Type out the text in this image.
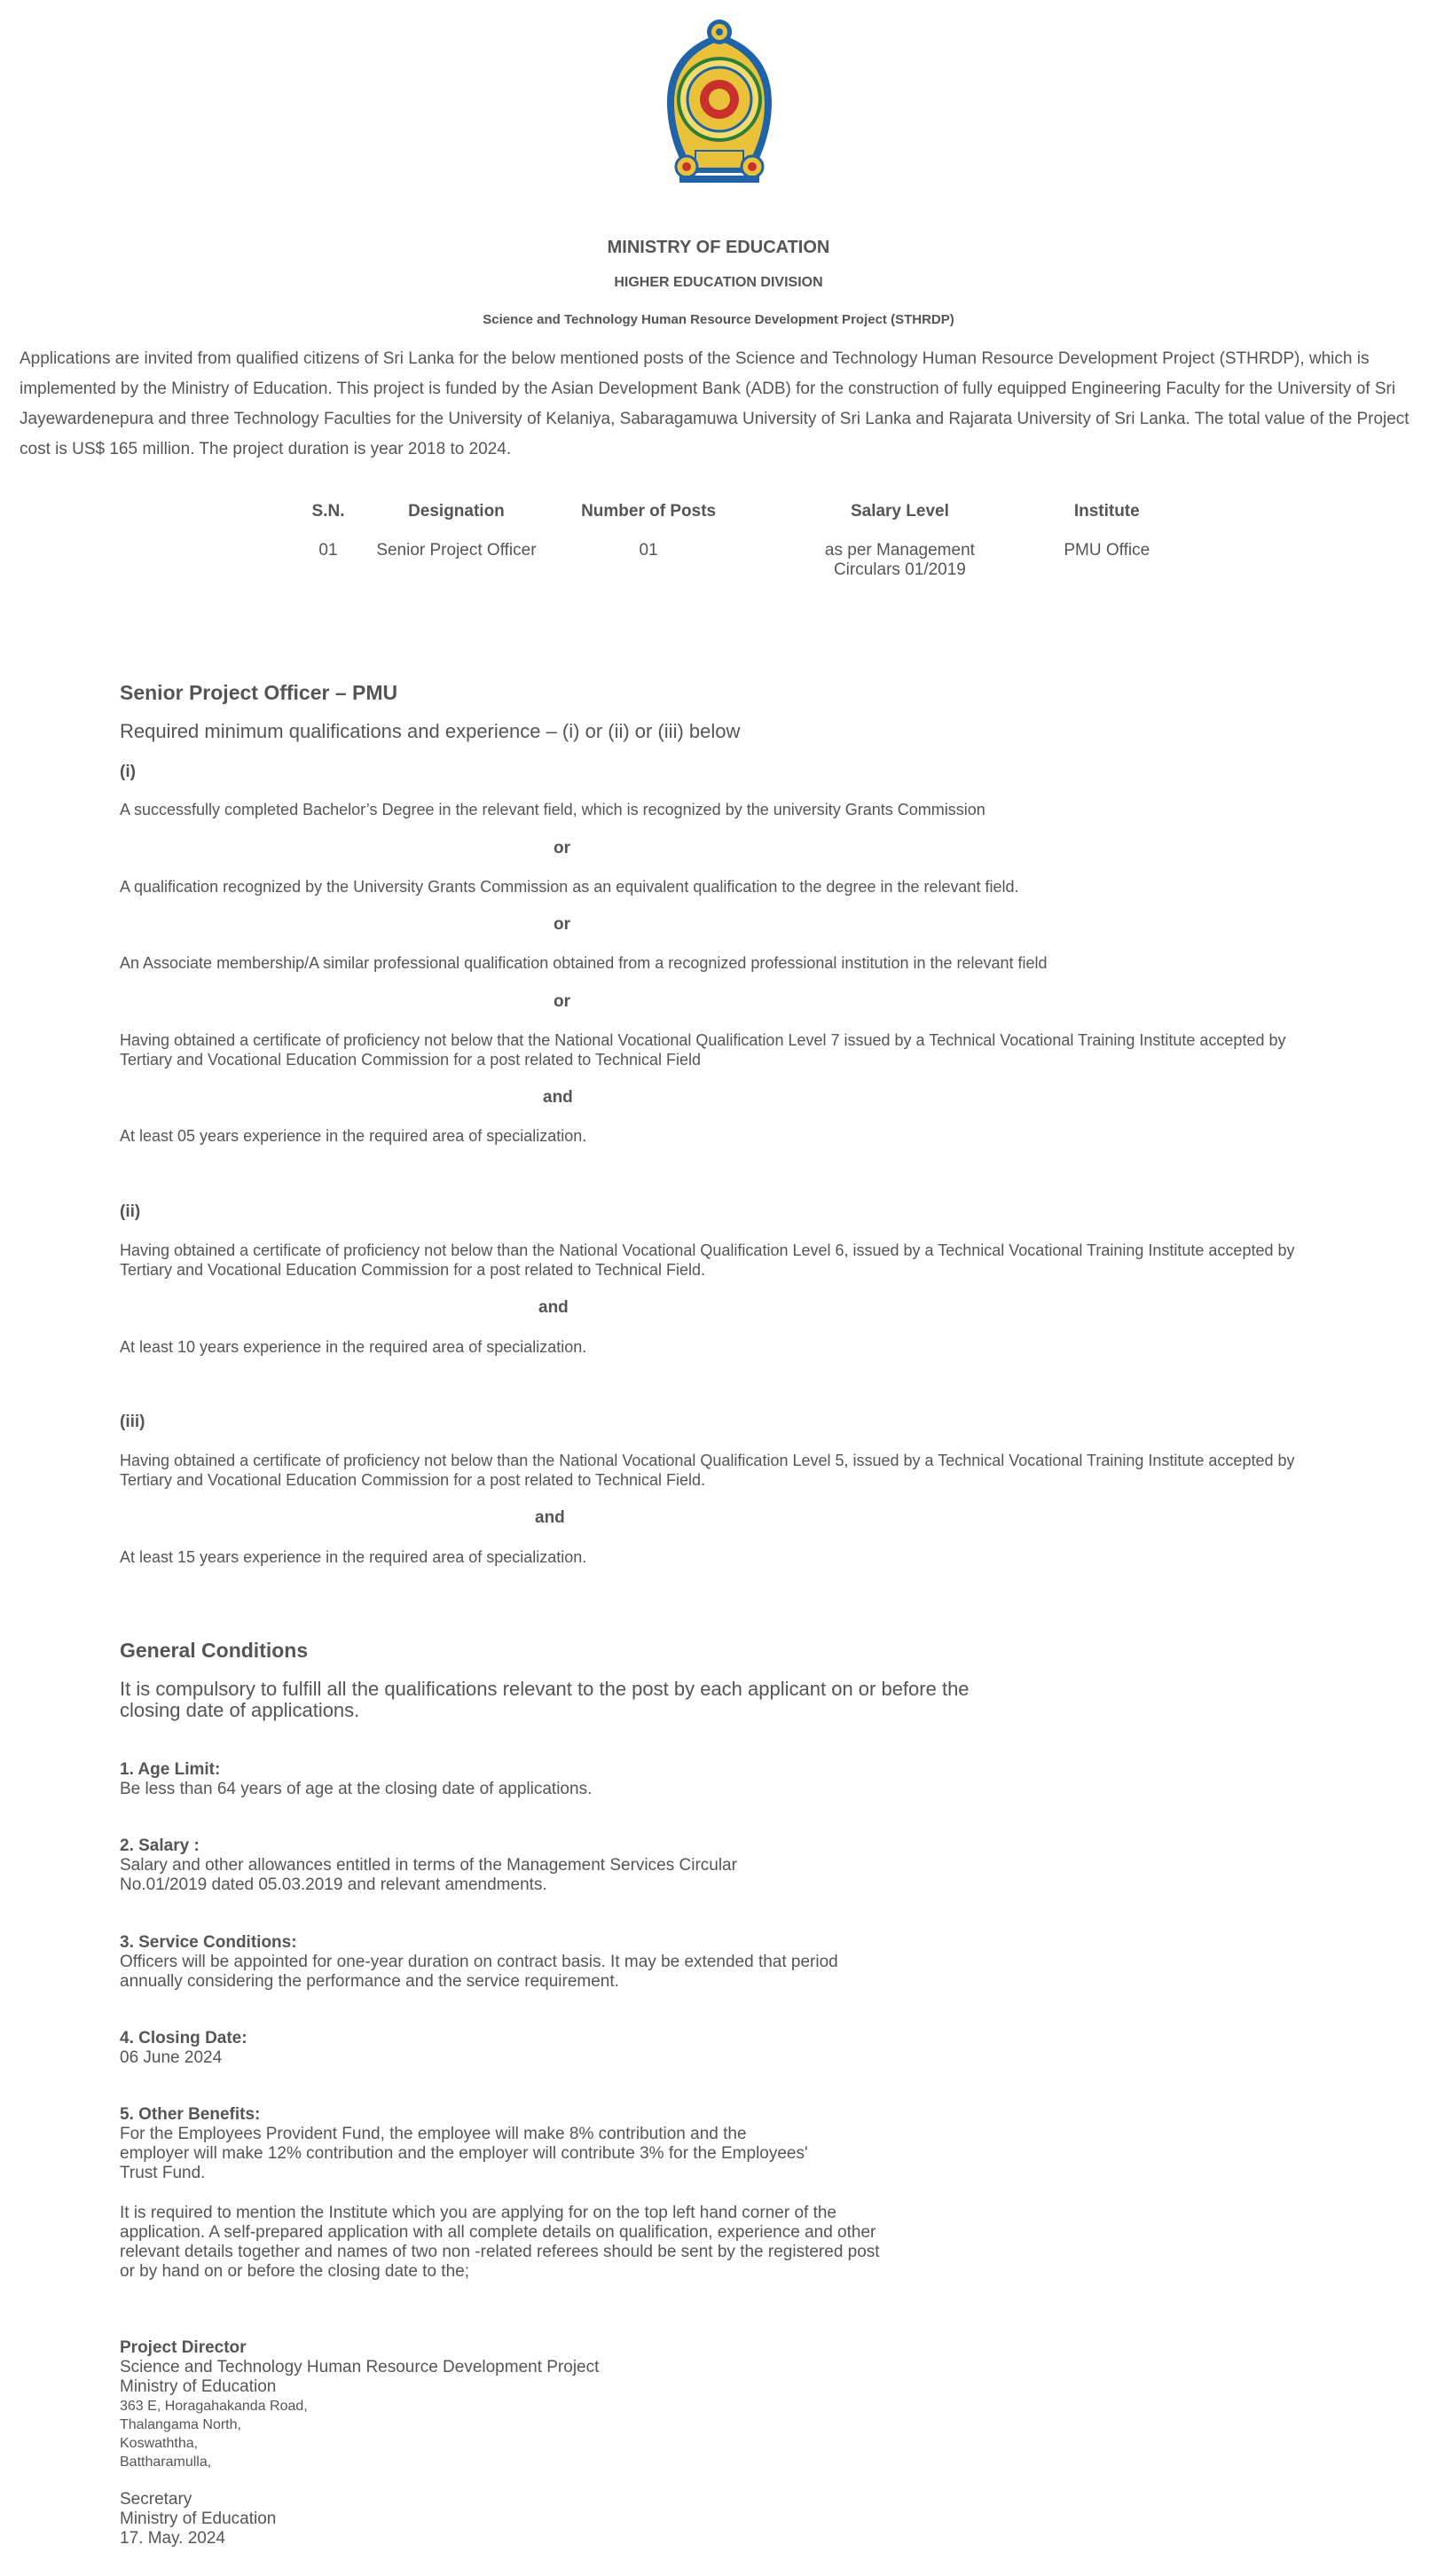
MINISTRY OF EDUCATION
HIGHER EDUCATION DIVISION
Science and Technology Human Resource Development Project (STHRDP)
Applications are invited from qualified citizens of Sri Lanka for the below mentioned posts of the Science and Technology Human Resource Development Project (STHRDP), which is implemented by the Ministry of Education. This project is funded by the Asian Development Bank (ADB) for the construction of fully equipped Engineering Faculty for the University of Sri Jayewardenepura and three Technology Faculties for the University of Kelaniya, Sabaragamuwa University of Sri Lanka and Rajarata University of Sri Lanka. The total value of the Project cost is US$ 165 million. The project duration is year 2018 to 2024.
S.N.	Designation	Number of Posts	Salary Level	Institute
01	Senior Project Officer	01	as per Management Circulars 01/2019	PMU Office
Senior Project Officer – PMU
Required minimum qualifications and experience – (i) or (ii) or (iii) below
(i)
A successfully completed Bachelor’s Degree in the relevant field, which is recognized by the university Grants Commission
or
A qualification recognized by the University Grants Commission as an equivalent qualification to the degree in the relevant field.
or
An Associate membership/A similar professional qualification obtained from a recognized professional institution in the relevant field
or
Having obtained a certificate of proficiency not below that the National Vocational Qualification Level 7 issued by a Technical Vocational Training Institute accepted by Tertiary and Vocational Education Commission for a post related to Technical Field
and
At least 05 years experience in the required area of specialization.
(ii)
Having obtained a certificate of proficiency not below than the National Vocational Qualification Level 6, issued by a Technical Vocational Training Institute accepted by Tertiary and Vocational Education Commission for a post related to Technical Field.
and
At least 10 years experience in the required area of specialization.
(iii)
Having obtained a certificate of proficiency not below than the National Vocational Qualification Level 5, issued by a Technical Vocational Training Institute accepted by Tertiary and Vocational Education Commission for a post related to Technical Field.
and
At least 15 years experience in the required area of specialization.
General Conditions
It is compulsory to fulfill all the qualifications relevant to the post by each applicant on or before the closing date of applications.
1. Age Limit:
Be less than 64 years of age at the closing date of applications.
2. Salary :
Salary and other allowances entitled in terms of the Management Services Circular No.01/2019 dated 05.03.2019 and relevant amendments.
3. Service Conditions:
Officers will be appointed for one-year duration on contract basis. It may be extended that period annually considering the performance and the service requirement.
4. Closing Date:
06 June 2024
5. Other Benefits:
For the Employees Provident Fund, the employee will make 8% contribution and the employer will make 12% contribution and the employer will contribute 3% for the Employees' Trust Fund.
It is required to mention the Institute which you are applying for on the top left hand corner of the application. A self-prepared application with all complete details on qualification, experience and other relevant details together and names of two non -related referees should be sent by the registered post or by hand on or before the closing date to the;
Project Director
Science and Technology Human Resource Development Project
Ministry of Education
363 E, Horagahakanda Road,
Thalangama North,
Koswaththa,
Battharamulla,
Secretary
Ministry of Education
17. May. 2024
